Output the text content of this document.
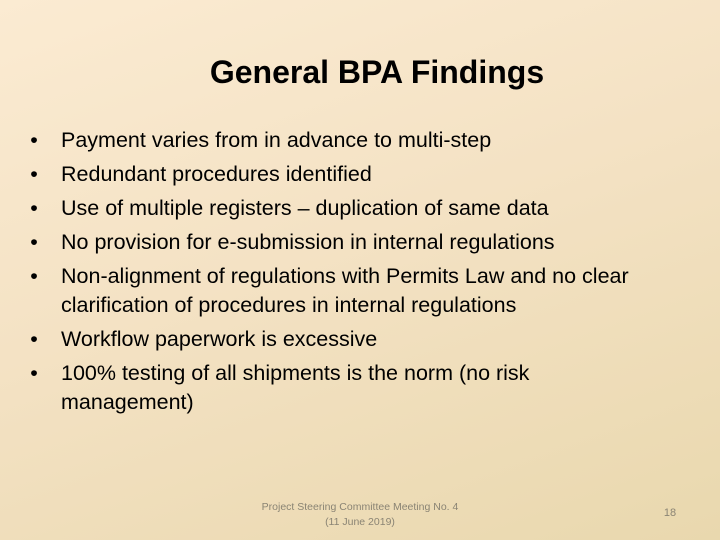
General BPA Findings
• Payment varies from in advance to multi-step
• Redundant procedures identified
• Use of multiple registers – duplication of same data
• No provision for e-submission in internal regulations
• Non-alignment of regulations with Permits Law and no clear clarification of procedures in internal regulations
• Workflow paperwork is excessive
• 100% testing of all shipments is the norm (no risk management)
Project Steering Committee Meeting No. 4
(11 June 2019)
18
